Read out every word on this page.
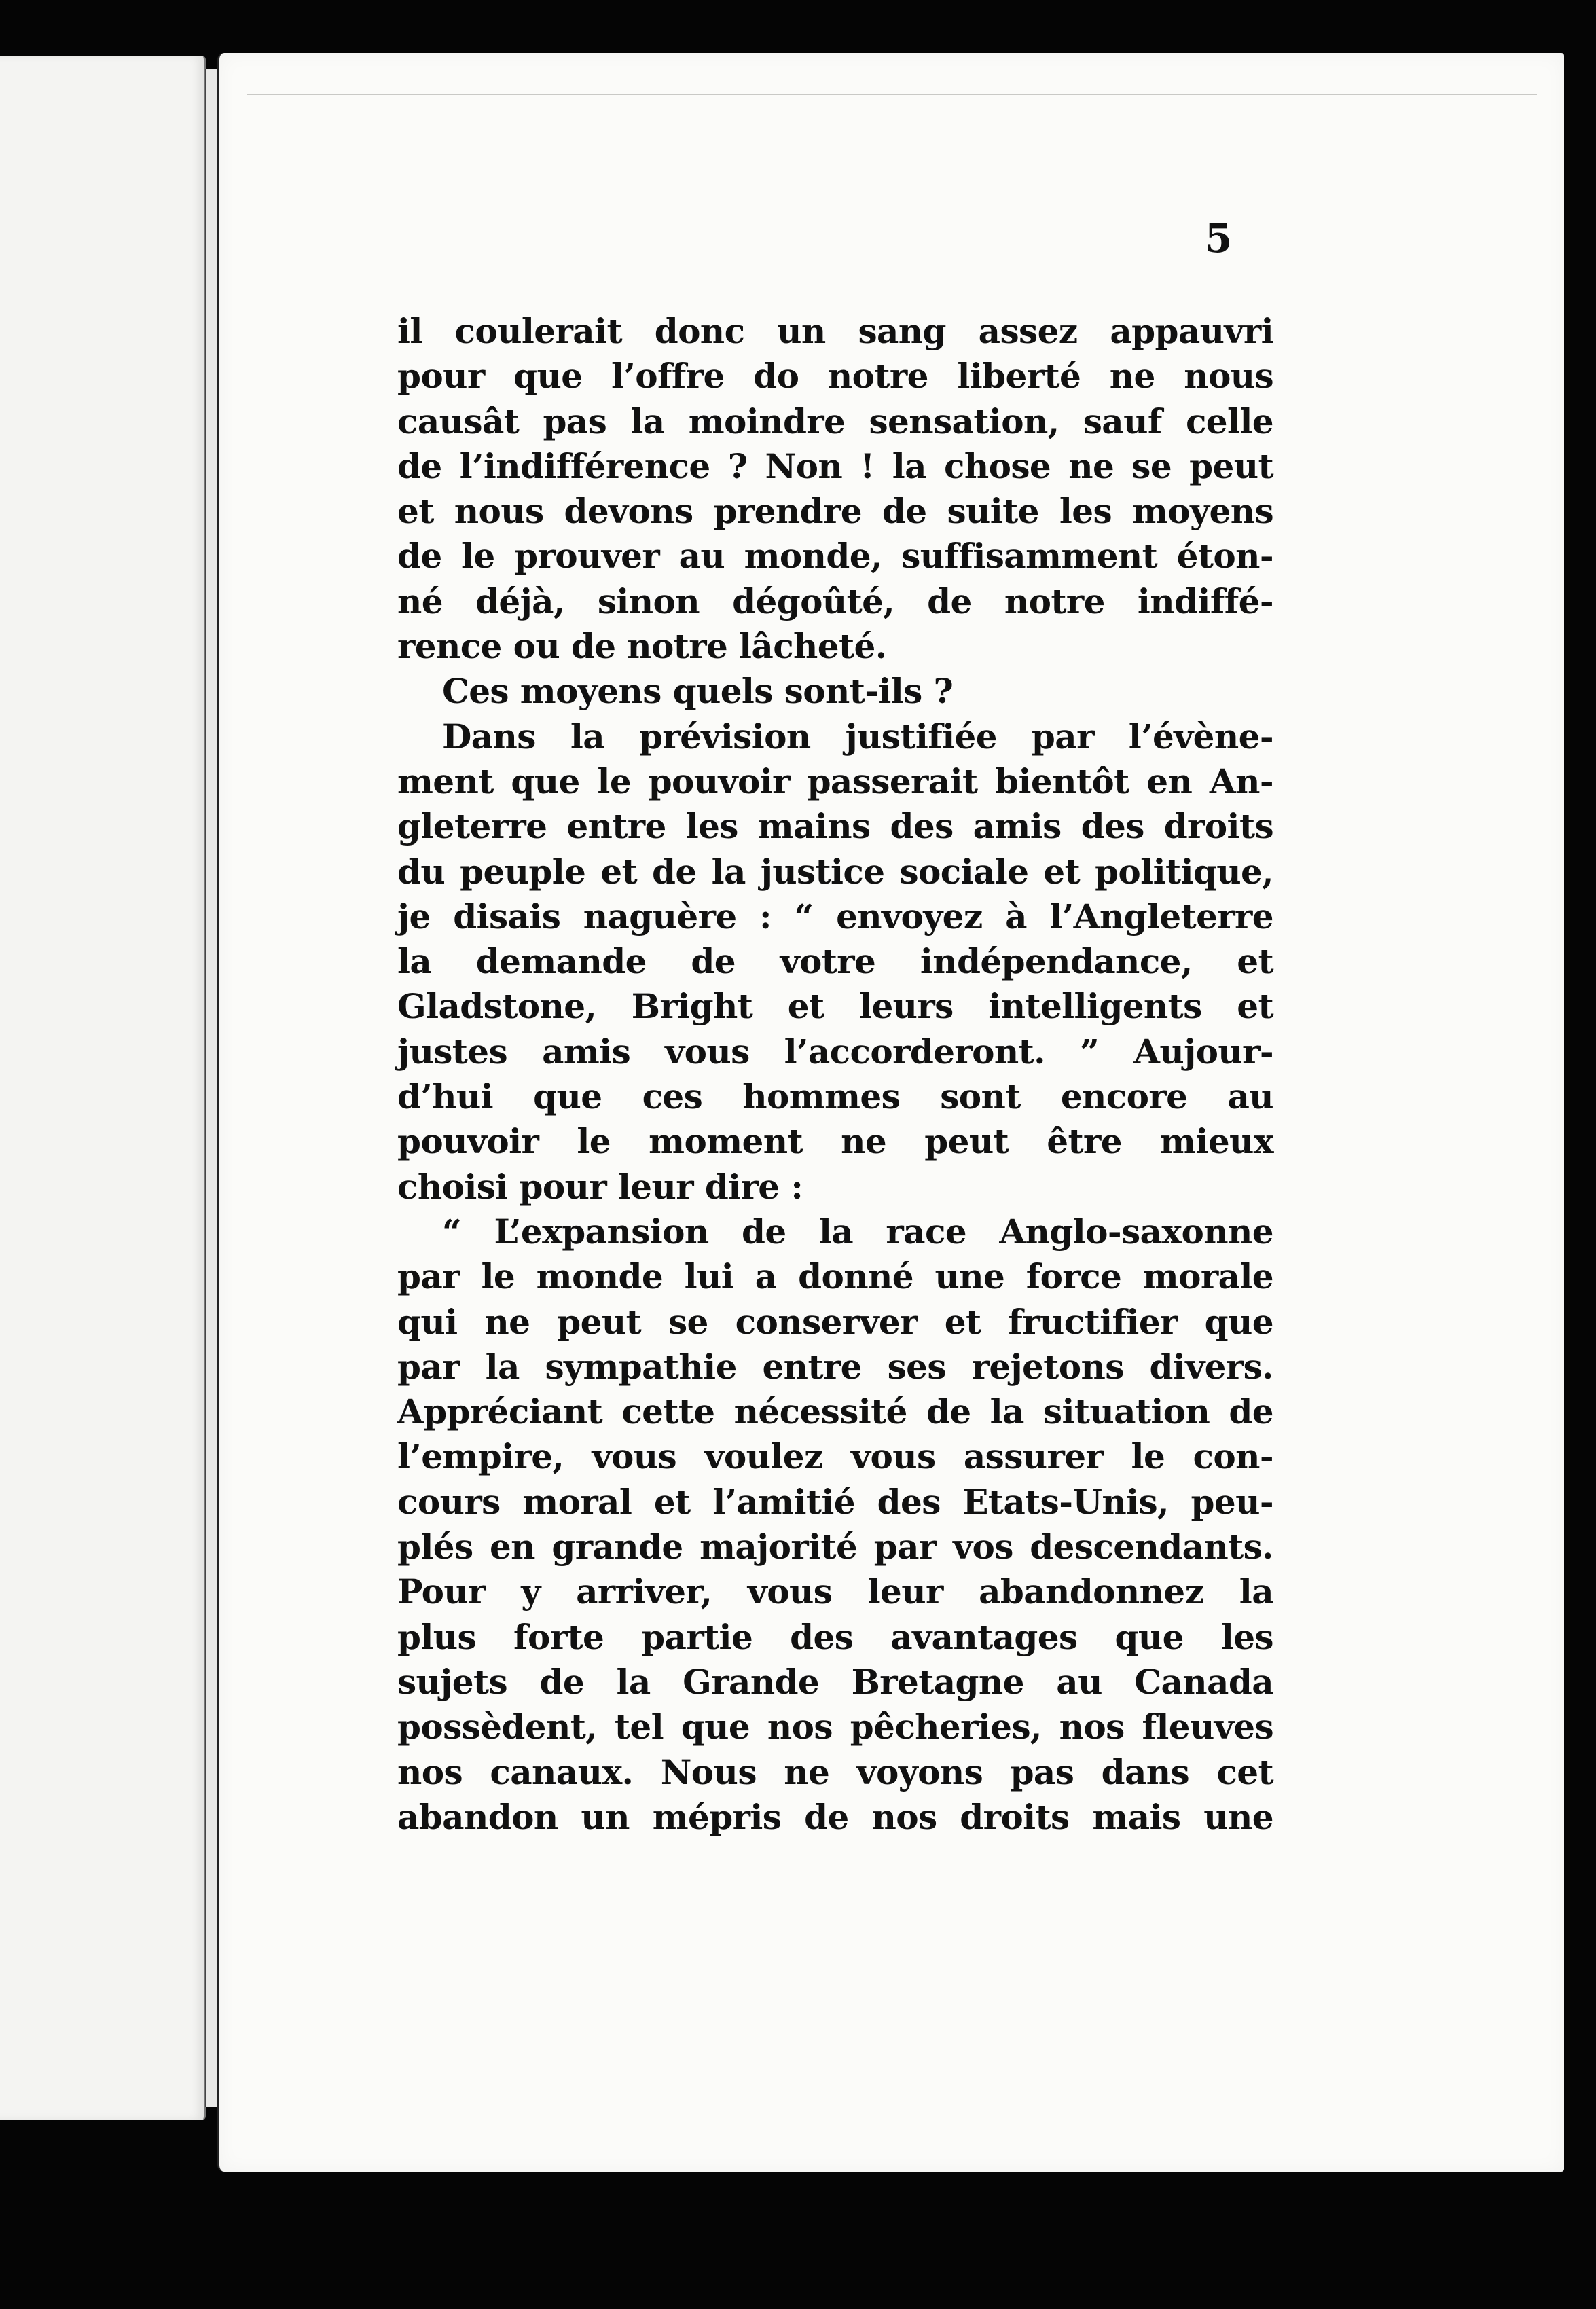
5
il coulerait donc un sang assez appauvri
pour que l’offre do notre liberté ne nous
causât pas la moindre sensation, sauf celle
de l’indifférence ? Non ! la chose ne se peut
et nous devons prendre de suite les moyens
de le prouver au monde, suffisamment éton-
né déjà, sinon dégoûté, de notre indiffé-
rence ou de notre lâcheté.
Ces moyens quels sont-ils ?
Dans la prévision justifiée par l’évène-
ment que le pouvoir passerait bientôt en An-
gleterre entre les mains des amis des droits
du peuple et de la justice sociale et politique,
je disais naguère : “ envoyez à l’Angleterre
la demande de votre indépendance, et
Gladstone, Bright et leurs intelligents et
justes amis vous l’accorderont. ” Aujour-
d’hui que ces hommes sont encore au
pouvoir le moment ne peut être mieux
choisi pour leur dire :
“ L’expansion de la race Anglo-saxonne
par le monde lui a donné une force morale
qui ne peut se conserver et fructifier que
par la sympathie entre ses rejetons divers.
Appréciant cette nécessité de la situation de
l’empire, vous voulez vous assurer le con-
cours moral et l’amitié des Etats-Unis, peu-
plés en grande majorité par vos descendants.
Pour y arriver, vous leur abandonnez la
plus forte partie des avantages que les
sujets de la Grande Bretagne au Canada
possèdent, tel que nos pêcheries, nos fleuves
nos canaux. Nous ne voyons pas dans cet
abandon un mépris de nos droits mais une
